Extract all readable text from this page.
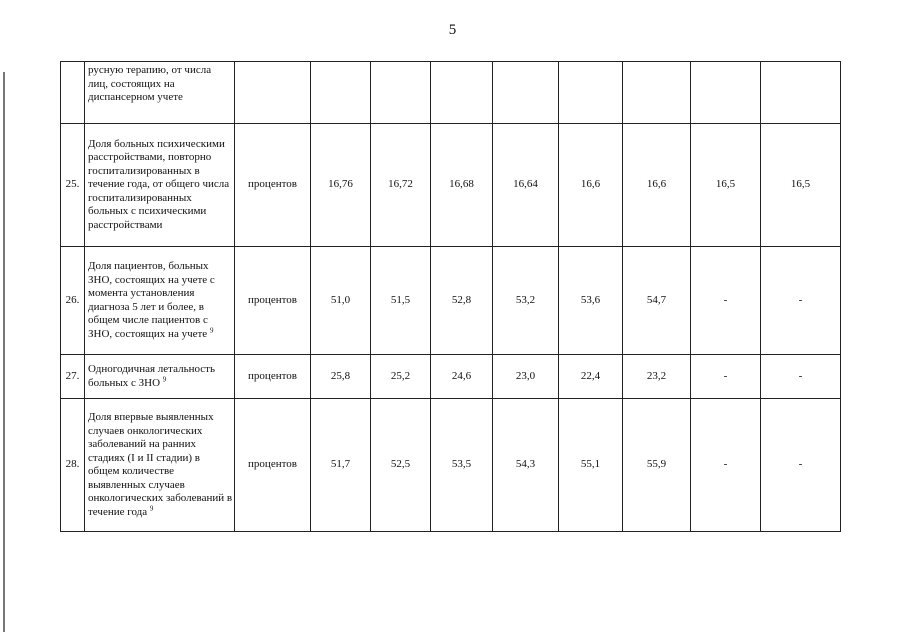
5
	русную терапию, от числа лиц, состоящих на диспансерном учете									
25.	Доля больных психическими расстройствами, повторно госпитализированных в течение года, от общего числа госпитализированных больных с психическими расстройствами	процентов	16,76	16,72	16,68	16,64	16,6	16,6	16,5	16,5
26.	Доля пациентов, больных ЗНО, состоящих на учете с момента установления диагноза 5 лет и более, в общем числе пациентов с ЗНО, состоящих на учете $^9$	процентов	51,0	51,5	52,8	53,2	53,6	54,7	-	-
27.	Одногодичная летальность больных с ЗНО $^9$	процентов	25,8	25,2	24,6	23,0	22,4	23,2	-	-
28.	Доля впервые выявленных случаев онкологических заболеваний на ранних стадиях (I и II стадии) в общем количестве выявленных случаев онкологических заболеваний в течение года $^9$	процентов	51,7	52,5	53,5	54,3	55,1	55,9	-	-
